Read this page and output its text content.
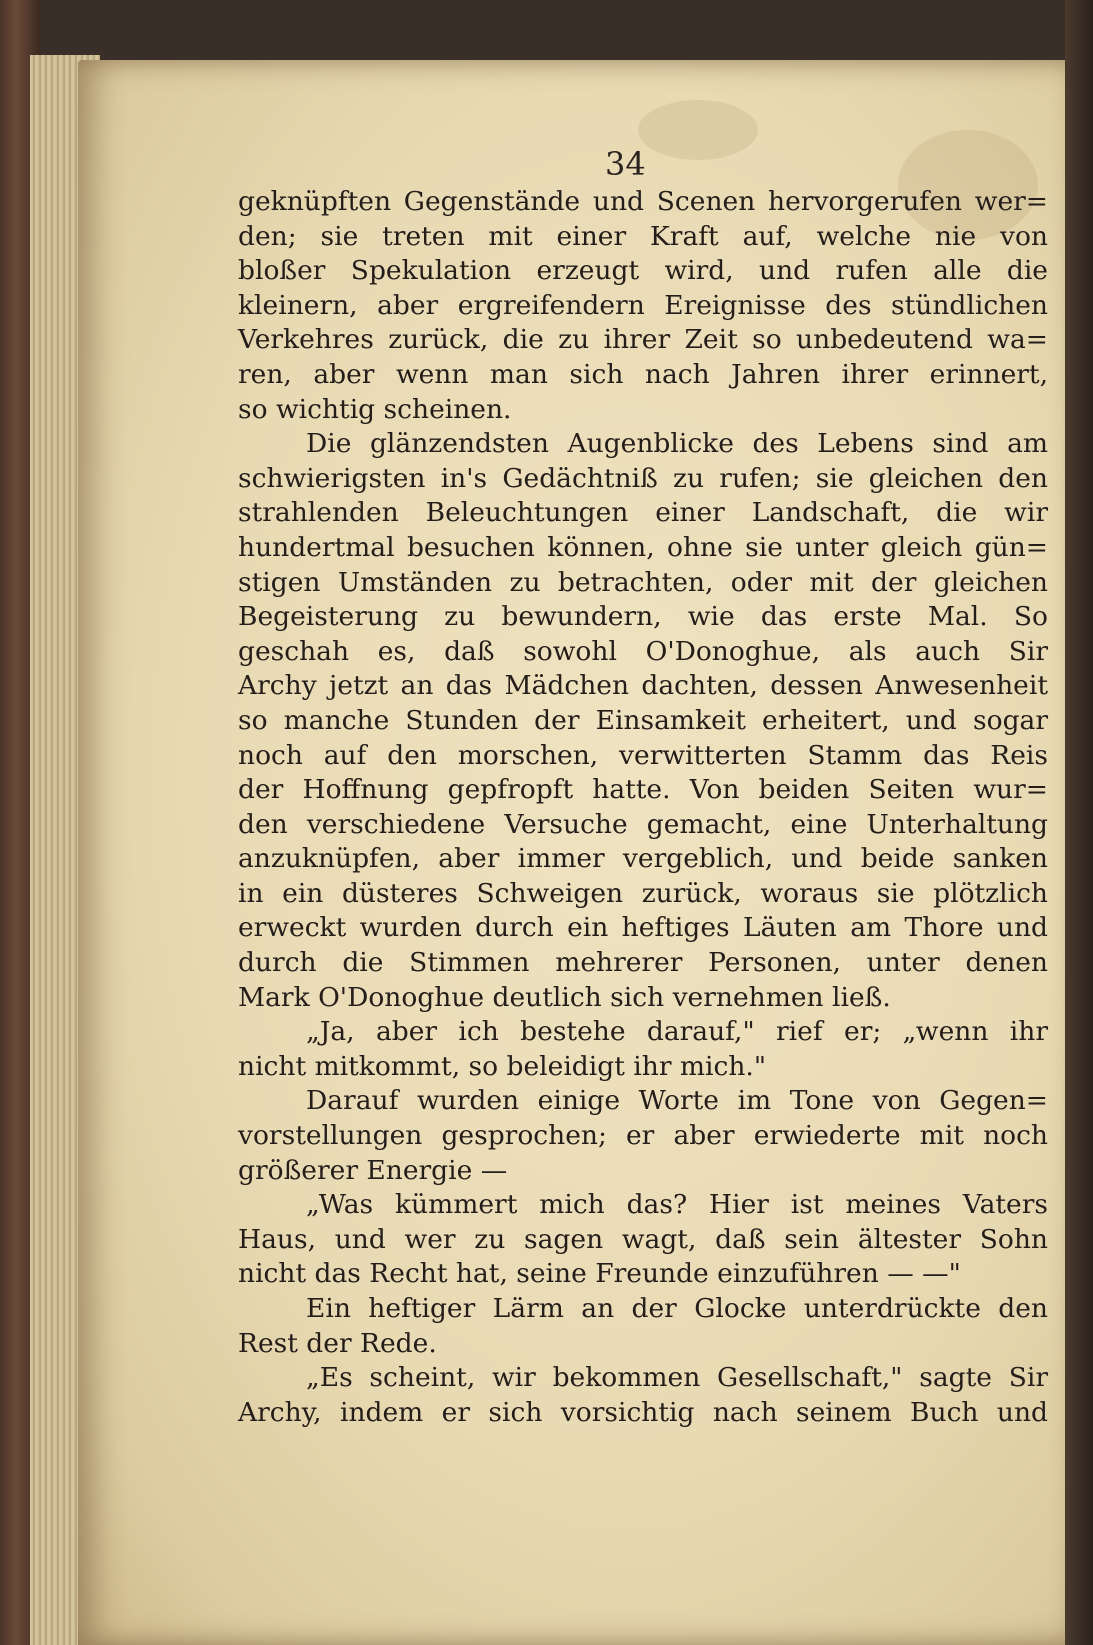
34
geknüpften Gegenstände und Scenen hervorgerufen wer=
den; sie treten mit einer Kraft auf, welche nie von
bloßer Spekulation erzeugt wird, und rufen alle die
kleinern, aber ergreifendern Ereignisse des stündlichen
Verkehres zurück, die zu ihrer Zeit so unbedeutend wa=
ren, aber wenn man sich nach Jahren ihrer erinnert,
so wichtig scheinen.
Die glänzendsten Augenblicke des Lebens sind am
schwierigsten in's Gedächtniß zu rufen; sie gleichen den
strahlenden Beleuchtungen einer Landschaft, die wir
hundertmal besuchen können, ohne sie unter gleich gün=
stigen Umständen zu betrachten, oder mit der gleichen
Begeisterung zu bewundern, wie das erste Mal. So
geschah es, daß sowohl O'Donoghue, als auch Sir
Archy jetzt an das Mädchen dachten, dessen Anwesenheit
so manche Stunden der Einsamkeit erheitert, und sogar
noch auf den morschen, verwitterten Stamm das Reis
der Hoffnung gepfropft hatte. Von beiden Seiten wur=
den verschiedene Versuche gemacht, eine Unterhaltung
anzuknüpfen, aber immer vergeblich, und beide sanken
in ein düsteres Schweigen zurück, woraus sie plötzlich
erweckt wurden durch ein heftiges Läuten am Thore und
durch die Stimmen mehrerer Personen, unter denen
Mark O'Donoghue deutlich sich vernehmen ließ.
„Ja, aber ich bestehe darauf," rief er; „wenn ihr
nicht mitkommt, so beleidigt ihr mich."
Darauf wurden einige Worte im Tone von Gegen=
vorstellungen gesprochen; er aber erwiederte mit noch
größerer Energie —
„Was kümmert mich das? Hier ist meines Vaters
Haus, und wer zu sagen wagt, daß sein ältester Sohn
nicht das Recht hat, seine Freunde einzuführen — —"
Ein heftiger Lärm an der Glocke unterdrückte den
Rest der Rede.
„Es scheint, wir bekommen Gesellschaft," sagte Sir
Archy, indem er sich vorsichtig nach seinem Buch und
